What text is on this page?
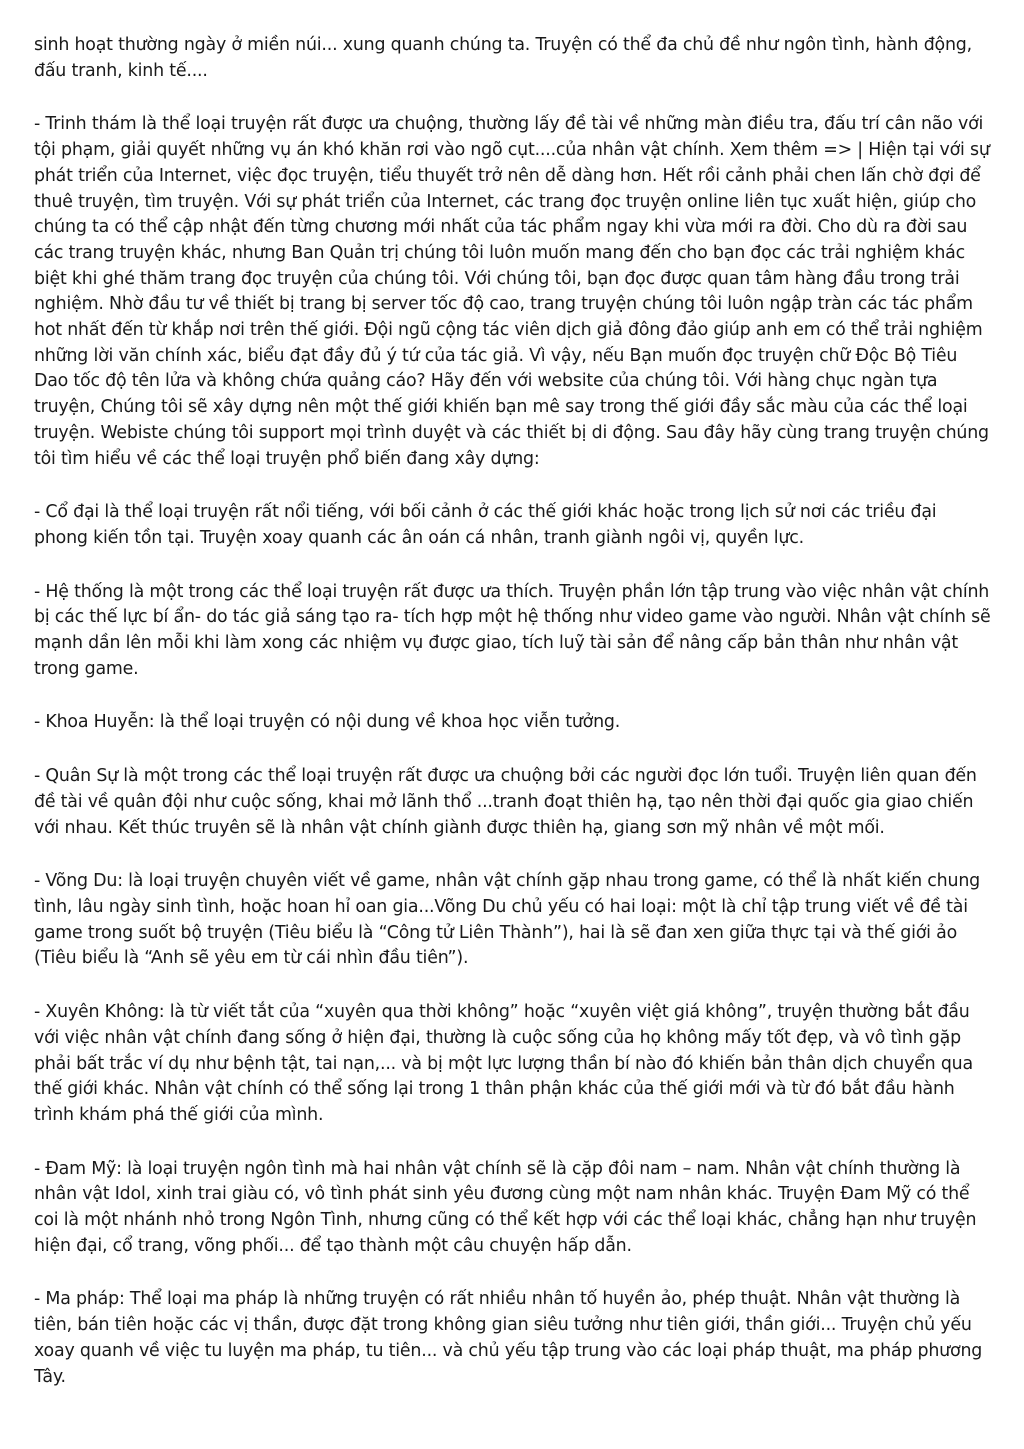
sinh hoạt thường ngày ở miền núi... xung quanh chúng ta. Truyện có thể đa chủ đề như ngôn tình, hành động, đấu tranh, kinh tế....

- Trinh thám là thể loại truyện rất được ưa chuộng, thường lấy đề tài về những màn điều tra, đấu trí cân não với tội phạm, giải quyết những vụ án khó khăn rơi vào ngõ cụt....của nhân vật chính. Xem thêm => | Hiện tại với sự phát triển của Internet, việc đọc truyện, tiểu thuyết trở nên dễ dàng hơn. Hết rồi cảnh phải chen lấn chờ đợi để thuê truyện, tìm truyện. Với sự phát triển của Internet, các trang đọc truyện online liên tục xuất hiện, giúp cho chúng ta có thể cập nhật đến từng chương mới nhất của tác phẩm ngay khi vừa mới ra đời. Cho dù ra đời sau các trang truyện khác, nhưng Ban Quản trị chúng tôi luôn muốn mang đến cho bạn đọc các trải nghiệm khác biệt khi ghé thăm trang đọc truyện của chúng tôi. Với chúng tôi, bạn đọc được quan tâm hàng đầu trong trải nghiệm. Nhờ đầu tư về thiết bị trang bị server tốc độ cao, trang truyện chúng tôi luôn ngập tràn các tác phẩm hot nhất đến từ khắp nơi trên thế giới. Đội ngũ cộng tác viên dịch giả đông đảo giúp anh em có thể trải nghiệm những lời văn chính xác, biểu đạt đầy đủ ý tứ của tác giả. Vì vậy, nếu Bạn muốn đọc truyện chữ Độc Bộ Tiêu Dao tốc độ tên lửa và không chứa quảng cáo? Hãy đến với website của chúng tôi. Với hàng chục ngàn tựa truyện, Chúng tôi sẽ xây dựng nên một thế giới khiến bạn mê say trong thế giới đầy sắc màu của các thể loại truyện. Webiste chúng tôi support mọi trình duyệt và các thiết bị di động. Sau đây hãy cùng trang truyện chúng tôi tìm hiểu về các thể loại truyện phổ biến đang xây dựng:

- Cổ đại là thể loại truyện rất nổi tiếng, với bối cảnh ở các thế giới khác hoặc trong lịch sử nơi các triều đại phong kiến tồn tại. Truyện xoay quanh các ân oán cá nhân, tranh giành ngôi vị, quyền lực.

- Hệ thống là một trong các thể loại truyện rất được ưa thích. Truyện phần lớn tập trung vào việc nhân vật chính bị các thế lực bí ẩn- do tác giả sáng tạo ra- tích hợp một hệ thống như video game vào người. Nhân vật chính sẽ mạnh dần lên mỗi khi làm xong các nhiệm vụ được giao, tích luỹ tài sản để nâng cấp bản thân như nhân vật trong game.

- Khoa Huyễn: là thể loại truyện có nội dung về khoa học viễn tưởng.

- Quân Sự là một trong các thể loại truyện rất được ưa chuộng bởi các người đọc lớn tuổi. Truyện liên quan đến đề tài về quân đội như cuộc sống, khai mở lãnh thổ ...tranh đoạt thiên hạ, tạo nên thời đại quốc gia giao chiến với nhau. Kết thúc truyên sẽ là nhân vật chính giành được thiên hạ, giang sơn mỹ nhân về một mối.

- Võng Du: là loại truyện chuyên viết về game, nhân vật chính gặp nhau trong game, có thể là nhất kiến chung tình, lâu ngày sinh tình, hoặc hoan hỉ oan gia...Võng Du chủ yếu có hai loại: một là chỉ tập trung viết về đề tài game trong suốt bộ truyện (Tiêu biểu là “Công tử Liên Thành”), hai là sẽ đan xen giữa thực tại và thế giới ảo (Tiêu biểu là “Anh sẽ yêu em từ cái nhìn đầu tiên”).

- Xuyên Không: là từ viết tắt của “xuyên qua thời không” hoặc “xuyên việt giá không”, truyện thường bắt đầu với việc nhân vật chính đang sống ở hiện đại, thường là cuộc sống của họ không mấy tốt đẹp, và vô tình gặp phải bất trắc ví dụ như bệnh tật, tai nạn,... và bị một lực lượng thần bí nào đó khiến bản thân dịch chuyển qua thế giới khác. Nhân vật chính có thể sống lại trong 1 thân phận khác của thế giới mới và từ đó bắt đầu hành trình khám phá thế giới của mình.

- Đam Mỹ: là loại truyện ngôn tình mà hai nhân vật chính sẽ là cặp đôi nam – nam. Nhân vật chính thường là nhân vật Idol, xinh trai giàu có, vô tình phát sinh yêu đương cùng một nam nhân khác. Truyện Đam Mỹ có thể coi là một nhánh nhỏ trong Ngôn Tình, nhưng cũng có thể kết hợp với các thể loại khác, chẳng hạn như truyện hiện đại, cổ trang, võng phối... để tạo thành một câu chuyện hấp dẫn.

- Ma pháp: Thể loại ma pháp là những truyện có rất nhiều nhân tố huyền ảo, phép thuật. Nhân vật thường là tiên, bán tiên hoặc các vị thần, được đặt trong không gian siêu tưởng như tiên giới, thần giới... Truyện chủ yếu xoay quanh về việc tu luyện ma pháp, tu tiên... và chủ yếu tập trung vào các loại pháp thuật, ma pháp phương Tây.
